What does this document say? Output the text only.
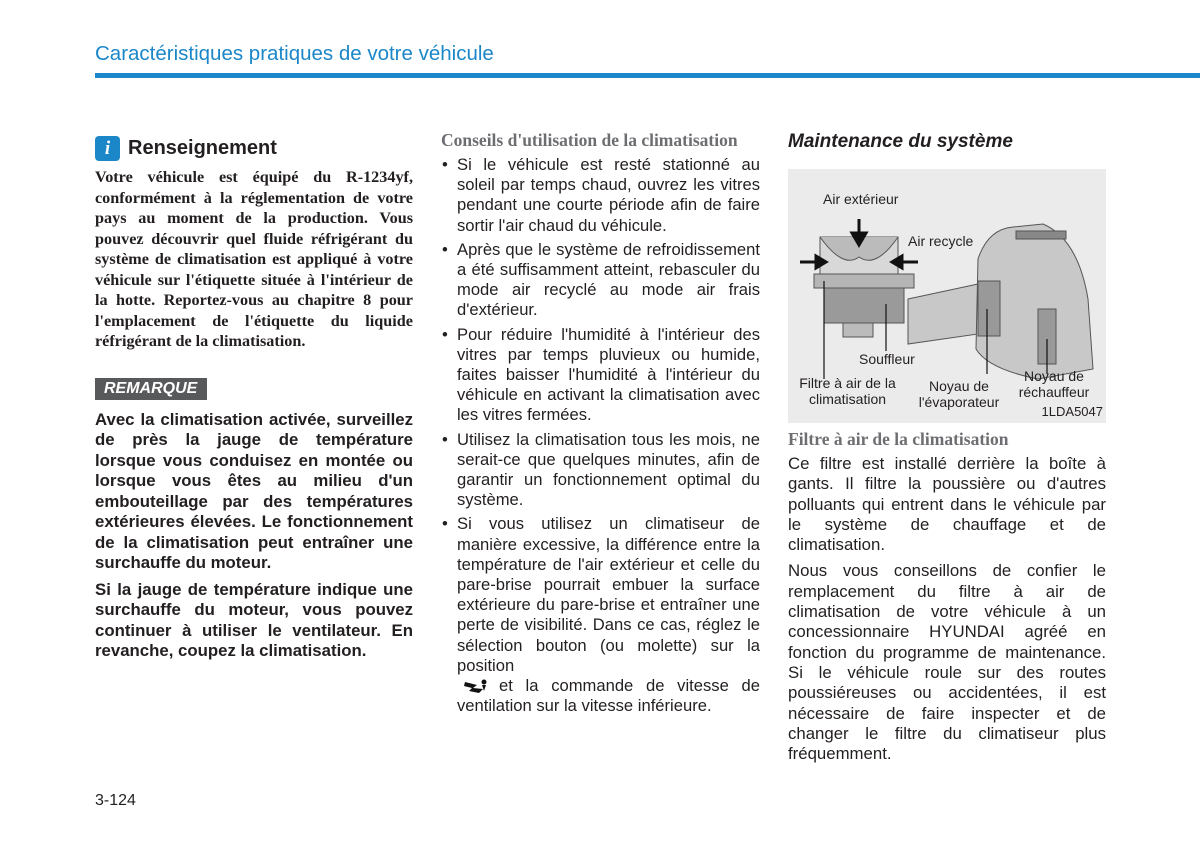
Caractéristiques pratiques de votre véhicule
i Renseignement
Votre véhicule est équipé du R-1234yf, conformément à la réglementation de votre pays au moment de la production. Vous pouvez découvrir quel fluide réfrigérant du système de climatisation est appliqué à votre véhicule sur l'étiquette située à l'intérieur de la hotte. Reportez-vous au chapitre 8 pour l'emplacement de l'étiquette du liquide réfrigérant de la climatisation.
REMARQUE
Avec la climatisation activée, surveillez de près la jauge de température lorsque vous conduisez en montée ou lorsque vous êtes au milieu d'un embouteillage par des températures extérieures élevées. Le fonctionnement de la climatisation peut entraîner une surchauffe du moteur.
Si la jauge de température indique une surchauffe du moteur, vous pouvez continuer à utiliser le ventilateur. En revanche, coupez la climatisation.
Conseils d'utilisation de la climatisation
• Si le véhicule est resté stationné au soleil par temps chaud, ouvrez les vitres pendant une courte période afin de faire sortir l'air chaud du véhicule.
• Après que le système de refroidissement a été suffisamment atteint, rebasculer du mode air recyclé au mode air frais d'extérieur.
• Pour réduire l'humidité à l'intérieur des vitres par temps pluvieux ou humide, faites baisser l'humidité à l'intérieur du véhicule en activant la climatisation avec les vitres fermées.
• Utilisez la climatisation tous les mois, ne serait-ce que quelques minutes, afin de garantir un fonctionnement optimal du système.
• Si vous utilisez un climatiseur de manière excessive, la différence entre la température de l'air extérieur et celle du pare-brise pourrait embuer la surface extérieure du pare-brise et entraîner une perte de visibilité. Dans ce cas, réglez le sélection bouton (ou molette) sur la position
et la commande de vitesse de ventilation sur la vitesse inférieure.
Maintenance du système
Air extérieur
Air recycle
Souffleur
Filtre à air de la climatisation
Noyau de l'évaporateur
Noyau de réchauffeur
1LDA5047
Filtre à air de la climatisation
Ce filtre est installé derrière la boîte à gants. Il filtre la poussière ou d'autres polluants qui entrent dans le véhicule par le système de chauffage et de climatisation.
Nous vous conseillons de confier le remplacement du filtre à air de climatisation de votre véhicule à un concessionnaire HYUNDAI agréé en fonction du programme de maintenance. Si le véhicule roule sur des routes poussiéreuses ou accidentées, il est nécessaire de faire inspecter et de changer le filtre du climatiseur plus fréquemment.
3-124
